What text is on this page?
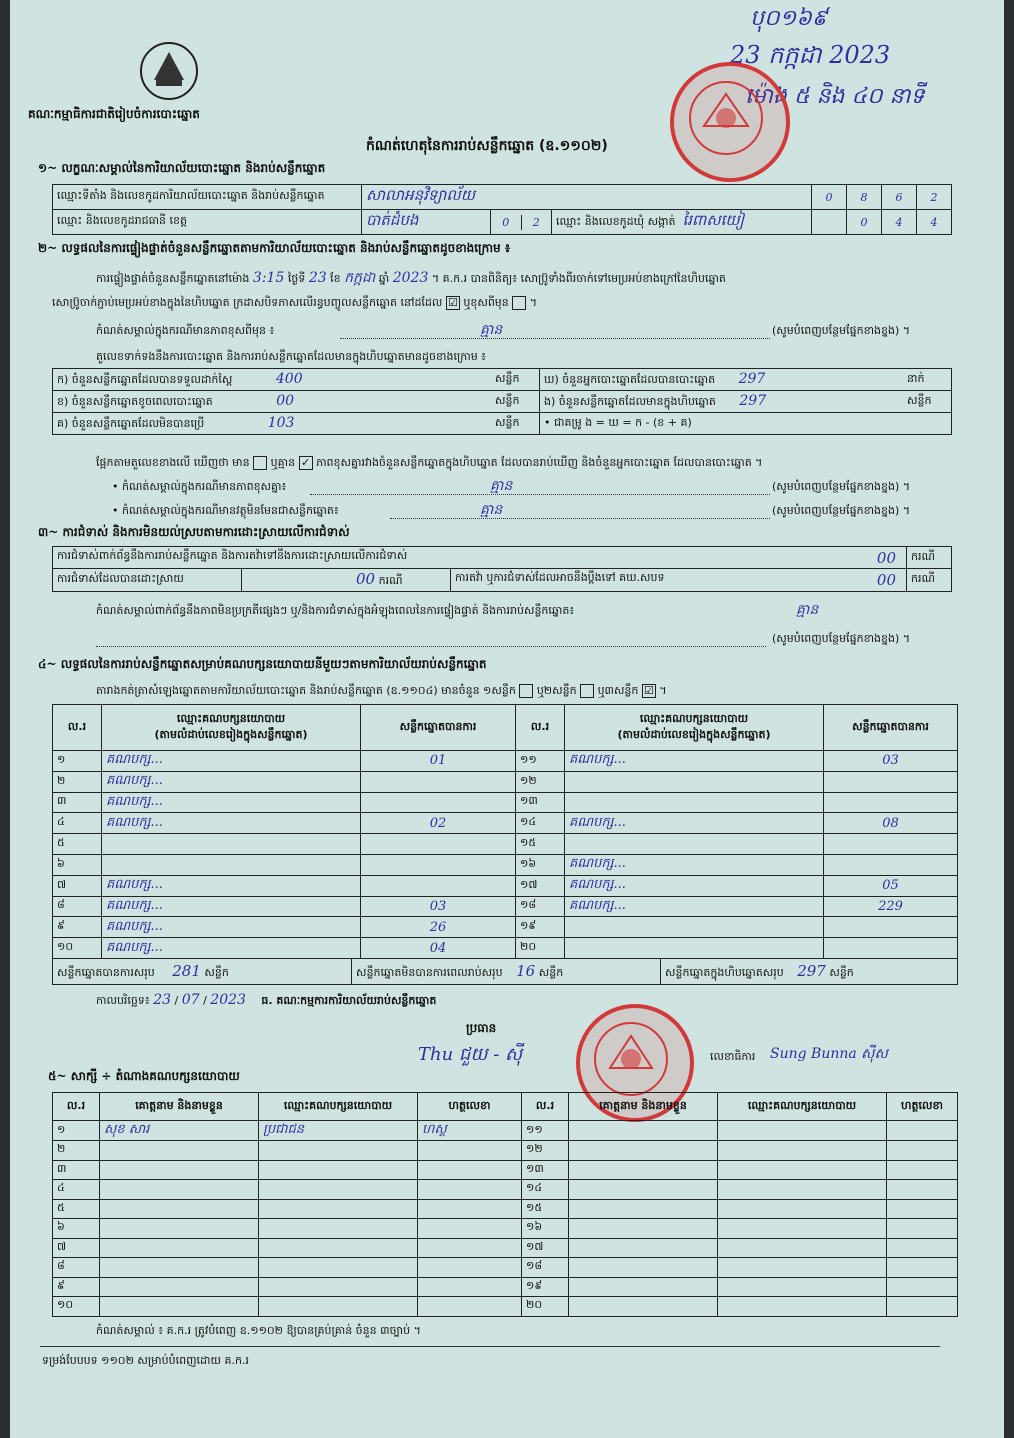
បុ០១៦៩
23 កក្កដា 2023
ម៉ោង ៥ និង ៤០ នាទី
គណៈកម្មាធិការជាតិរៀបចំការបោះឆ្នោត
កំណត់ហេតុនៃការរាប់សន្លឹកឆ្នោត (ឧ.១១០២)
១~ លក្ខណៈសម្គាល់នៃការិយាល័យបោះឆ្នោត និងរាប់សន្លឹកឆ្នោត
ឈ្មោះទីតាំង និងលេខកូដការិយាល័យបោះឆ្នោត និងរាប់សន្លឹកឆ្នោត	សាលាអនុវិទ្យាល័យ	0	8	6	2
ឈ្មោះ និងលេខកូដរាជធានី ខេត្ត	បាត់ដំបង		0	2
	ឈ្មោះ និងលេខកូដឃុំ សង្កាត់ រៃពាសយៀ		0	4	4
២~ លទ្ធផលនៃការផ្ទៀងផ្ទាត់ចំនួនសន្លឹកឆ្នោតតាមការិយាល័យបោះឆ្នោត និងរាប់សន្លឹកឆ្នោតដូចខាងក្រោម ៖
ការផ្ទៀងផ្ទាត់ចំនួនសន្លឹកឆ្នោតនៅម៉ោង 3:15 ថ្ងៃទី 23 ខែ កក្កដា ឆ្នាំ 2023 ។ គ.ក.រ បានពិនិត្យ៖ សោប្រ៊ូទាំងពីរចាក់ទៅមេប្រអប់ខាងក្រៅនៃហិបឆ្នោត
សោប្រ៊ូចាក់ភ្ជាប់មេប្រអប់ខាងក្នុងនៃហិបឆ្នោត ក្រដាសបិទភាសលើរន្ធបញ្ចូលសន្លឹកឆ្នោត នៅដដែល ☑ ឬខុសពីមុន ។
កំណត់សម្គាល់ក្នុងករណីមានភាពខុសពីមុន ៖	គ្មាន	(សូមបំពេញបន្ថែមផ្នែកខាងខ្នង) ។
តួលេខទាក់ទងនឹងការបោះឆ្នោត និងការរាប់សន្លឹកឆ្នោតដែលមានក្នុងហិបឆ្នោតមានដូចខាងក្រោម ៖
ក) ចំនួនសន្លឹកឆ្នោតដែលបានទទួលដាក់ស្ពៃ 400	សន្លឹក	ឃ) ចំនួនអ្នកបោះឆ្នោតដែលបានបោះឆ្នោត 297	នាក់
ខ) ចំនួនសន្លឹកឆ្នោតខូចពេលបោះឆ្នោត 00	សន្លឹក	ង) ចំនួនសន្លឹកឆ្នោតដែលមានក្នុងហិបឆ្នោត 297	សន្លឹក
គ) ចំនួនសន្លឹកឆ្នោតដែលមិនបានប្រើ 103	សន្លឹក	• ជាគម្រូ ង = ឃ = ក - (ខ + គ)	
ផ្អែកតាមតួលេខខាងលើ ឃើញថា មាន ឬគ្មាន ✓ ភាពខុសគ្នារវាងចំនួនសន្លឹកឆ្នោតក្នុងហិបឆ្នោត ដែលបានរាប់ឃើញ និងចំនួនអ្នកបោះឆ្នោត ដែលបានបោះឆ្នោត ។
• កំណត់សម្គាល់ក្នុងករណីមានភាពខុសគ្នា៖	គ្មាន	(សូមបំពេញបន្ថែមផ្នែកខាងខ្នង) ។
• កំណត់សម្គាល់ក្នុងករណីមានវត្ថុមិនមែនជាសន្លឹកឆ្នោត៖	គ្មាន	(សូមបំពេញបន្ថែមផ្នែកខាងខ្នង) ។
៣~ ការជំទាស់ និងការមិនយល់ស្របតាមការដោះស្រាយលើការជំទាស់
ការជំទាស់ពាក់ព័ន្ធនឹងការរាប់សន្លឹកឆ្នោត និងការតវ៉ាទៅនឹងការដោះស្រាយលើការជំទាស់ 00			ករណី
ការជំទាស់ដែលបានដោះស្រាយ	00 ករណី	ការតវ៉ា ឬការជំទាស់ដែលអាចនឹងប្តឹងទៅ គឃ.សបទ 00	ករណី
កំណត់សម្គាល់ពាក់ព័ន្ធនឹងភាពមិនប្រក្រតីផ្សេងៗ ឬ/និងការជំទាស់ក្នុងអំឡុងពេលនៃការផ្ទៀងផ្ទាត់ និងការរាប់សន្លឹកឆ្នោត៖	គ្មាន
(សូមបំពេញបន្ថែមផ្នែកខាងខ្នង) ។
៤~ លទ្ធផលនៃការរាប់សន្លឹកឆ្នោតសម្រាប់គណបក្សនយោបាយនីមួយៗតាមការិយាល័យរាប់សន្លឹកឆ្នោត
តារាងកត់ត្រាសំឡេងឆ្នោតតាមការិយាល័យបោះឆ្នោត និងរាប់សន្លឹកឆ្នោត (ឧ.១១០៤) មានចំនួន ១សន្លឹក ឬ២សន្លឹក ឬ៣សន្លឹក ☑ ។
ល.រ	ឈ្មោះគណបក្សនយោបាយ
(តាមលំដាប់លេខរៀងក្នុងសន្លឹកឆ្នោត)	សន្លឹកឆ្នោតបានការ	ល.រ	ឈ្មោះគណបក្សនយោបាយ
(តាមលំដាប់លេខរៀងក្នុងសន្លឹកឆ្នោត)	សន្លឹកឆ្នោតបានការ
១	គណបក្ស...	01	១១	គណបក្ស...	03
២	គណបក្ស...		១២		
៣	គណបក្ស...		១៣		
៤	គណបក្ស...	02	១៤	គណបក្ស...	08
៥			១៥		
៦			១៦	គណបក្ស...	
៧	គណបក្ស...		១៧	គណបក្ស...	05
៨	គណបក្ស...	03	១៨	គណបក្ស...	229
៩	គណបក្ស...	26	១៩		
១០	គណបក្ស...	04	២០		
សន្លឹកឆ្នោតបានការសរុប 281 សន្លឹក	សន្លឹកឆ្នោតមិនបានការពេលរាប់សរុប 16 សន្លឹក	សន្លឹកឆ្នោតក្នុងហិបឆ្នោតសរុប 297 សន្លឹក
កាលបរិច្ឆេទ៖ 23 / 07 / 2023 ធ. គណៈកម្មការការិយាល័យរាប់សន្លឹកឆ្នោត
ប្រធាន
Thu ជួយ - ស៊ី	លេខាធិការ Sung Bunna ស៊ីស
៥~ សាក្សី ÷ តំណាងគណបក្សនយោបាយ
ល.រ	គោត្តនាម និងនាមខ្លួន	ឈ្មោះគណបក្សនយោបាយ	ហត្ថលេខា	ល.រ	គោត្តនាម និងនាមខ្លួន	ឈ្មោះគណបក្សនយោបាយ	ហត្ថលេខា
១	សុខ សារ	ប្រជាជន	ហស្ថ	១១			
២				១២			
៣				១៣			
៤				១៤			
៥				១៥			
៦				១៦			
៧				១៧			
៨				១៨			
៩				១៩			
១០				២០			
កំណត់សម្គាល់ ៖ គ.ក.រ ត្រូវបំពេញ ឧ.១១០២ ឱ្យបានគ្រប់គ្រាន់ ចំនួន ៣ច្បាប់ ។
ទម្រង់បែបបទ ១១០២ សម្រាប់បំពេញដោយ គ.ក.រ
